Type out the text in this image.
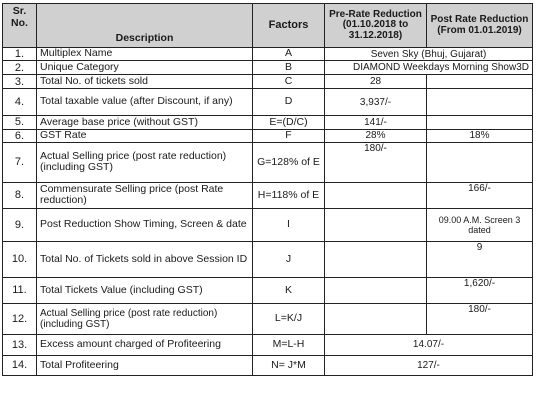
Sr. No.	Description	Factors	Pre-Rate Reduction (01.10.2018 to 31.12.2018)	Post Rate Reduction (From 01.01.2019)
1.	Multiplex Name	A	Seven Sky (Bhuj, Gujarat)	
2.	Unique Category	B	DIAMOND Weekdays Morning Show3D	
3.	Total No. of tickets sold	C	28	
4.	Total taxable value (after Discount, if any)	D	3,937/-	
5.	Average base price (without GST)	E=(D/C)	141/-	
6.	GST Rate	F	28%	18%
7.	Actual Selling price (post rate reduction) (including GST)	G=128% of E	180/-	
8.	Commensurate Selling price (post Rate reduction)	H=118% of E		166/-
9.	Post Reduction Show Timing, Screen & date	I		09.00 A.M. Screen 3 dated
10.	Total No. of Tickets sold in above Session ID	J		9
11.	Total Tickets Value (including GST)	K		1,620/-
12.	Actual Selling price (post rate reduction) (including GST)	L=K/J		180/-
13.	Excess amount charged of Profiteering	M=L-H	14.07/-	
14.	Total Profiteering	N= J*M	127/-	
